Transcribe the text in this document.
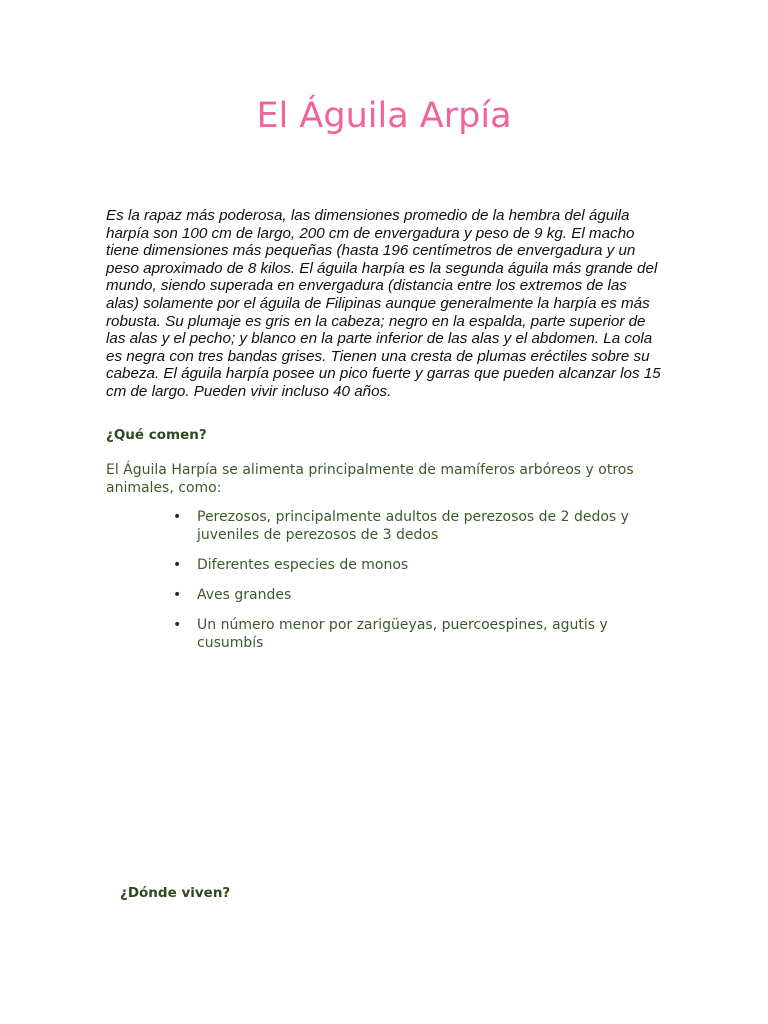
El Águila Arpía

Es la rapaz más poderosa, las dimensiones promedio de la hembra del águila harpía son 100 cm de largo, 200 cm de envergadura y peso de 9 kg. El macho tiene dimensiones más pequeñas (hasta 196 centímetros de envergadura y un peso aproximado de 8 kilos. El águila harpía es la segunda águila más grande del mundo, siendo superada en envergadura (distancia entre los extremos de las alas) solamente por el águila de Filipinas aunque generalmente la harpía es más robusta. Su plumaje es gris en la cabeza; negro en la espalda, parte superior de las alas y el pecho; y blanco en la parte inferior de las alas y el abdomen. La cola es negra con tres bandas grises. Tienen una cresta de plumas eréctiles sobre su cabeza. El águila harpía posee un pico fuerte y garras que pueden alcanzar los 15 cm de largo. Pueden vivir incluso 40 años.

¿Qué comen?

El Águila Harpía se alimenta principalmente de mamíferos arbóreos y otros animales, como:

• Perezosos, principalmente adultos de perezosos de 2 dedos y juveniles de perezosos de 3 dedos
• Diferentes especies de monos
• Aves grandes
• Un número menor por zarigüeyas, puercoespines, agutis y cusumbís
¿Dónde viven?
